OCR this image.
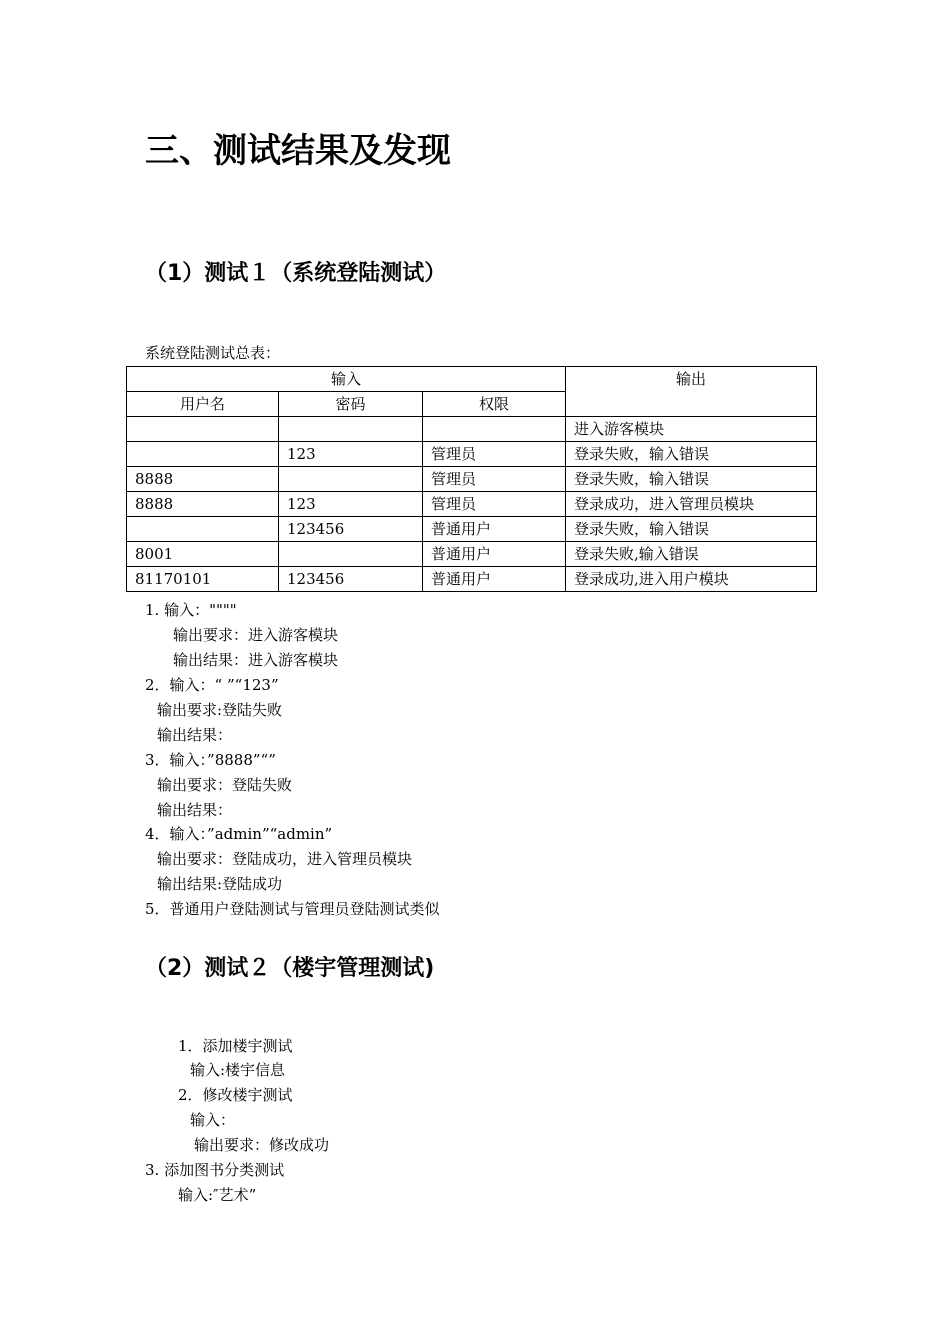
三、测试结果及发现
（1）测试１（系统登陆测试）
系统登陆测试总表：
输入			输出
用户名	密码	权限	
			进入游客模块
	123	管理员	登录失败，输入错误
8888		管理员	登录失败，输入错误
8888	123	管理员	登录成功，进入管理员模块
	123456	普通用户	登录失败，输入错误
8001		普通用户	登录失败,输入错误
81170101	123456	普通用户	登录成功,进入用户模块
1. 输入：""""
输出要求：进入游客模块
输出结果：进入游客模块
2．输入：“ ”“123”
输出要求:登陆失败
输出结果：
3．输入：”8888”“”
输出要求：登陆失败
输出结果：
4．输入：”admin”“admin”
输出要求：登陆成功，进入管理员模块
输出结果:登陆成功
5．普通用户登陆测试与管理员登陆测试类似
（2）测试２（楼宇管理测试)
1．添加楼宇测试
输入:楼宇信息
2．修改楼宇测试
输入：
输出要求：修改成功
3. 添加图书分类测试
输入:″艺术”
